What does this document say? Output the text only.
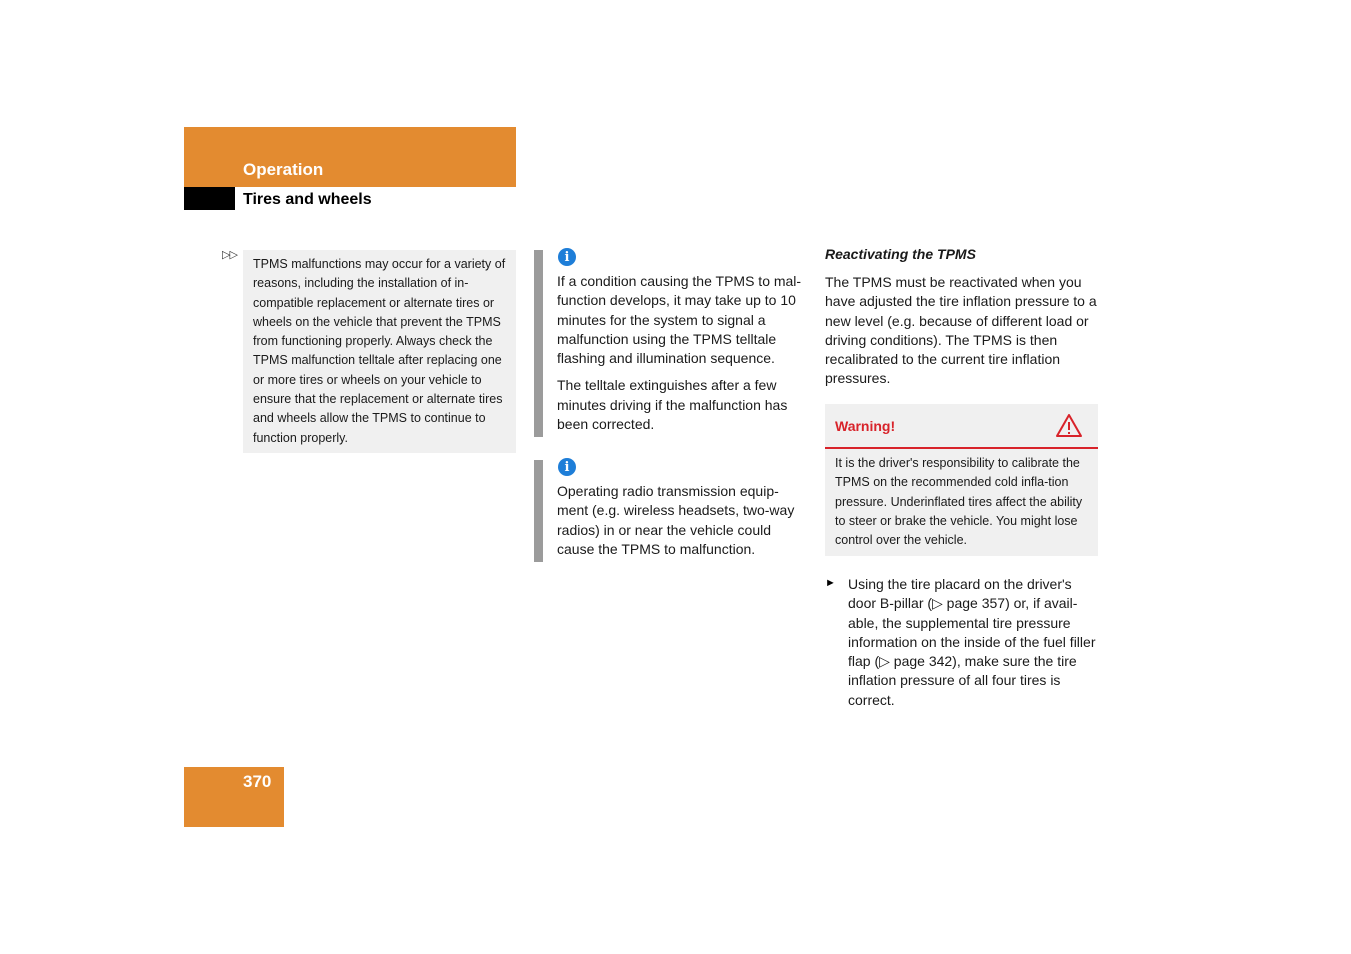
Operation
Tires and wheels
▷▷
TPMS malfunctions may occur for a variety of reasons, including the installation of in-compatible replacement or alternate tires or wheels on the vehicle that prevent the TPMS from functioning properly. Always check the TPMS malfunction telltale after replacing one or more tires or wheels on your vehicle to ensure that the replacement or alternate tires and wheels allow the TPMS to continue to function properly.
i

If a condition causing the TPMS to mal-function develops, it may take up to 10 minutes for the system to signal a malfunction using the TPMS telltale flashing and illumination sequence.

The telltale extinguishes after a few minutes driving if the malfunction has been corrected.

i

Operating radio transmission equip-ment (e.g. wireless headsets, two-way radios) in or near the vehicle could cause the TPMS to malfunction.

Reactivating the TPMS
The TPMS must be reactivated when you have adjusted the tire inflation pressure to a new level (e.g. because of different load or driving conditions). The TPMS is then recalibrated to the current tire inflation pressures.
Warning!
It is the driver's responsibility to calibrate the TPMS on the recommended cold infla-tion pressure. Underinflated tires affect the ability to steer or brake the vehicle. You might lose control over the vehicle.
► Using the tire placard on the driver's door B-pillar (▷ page 357) or, if avail-able, the supplemental tire pressure information on the inside of the fuel filler flap (▷ page 342), make sure the tire inflation pressure of all four tires is correct.
370
